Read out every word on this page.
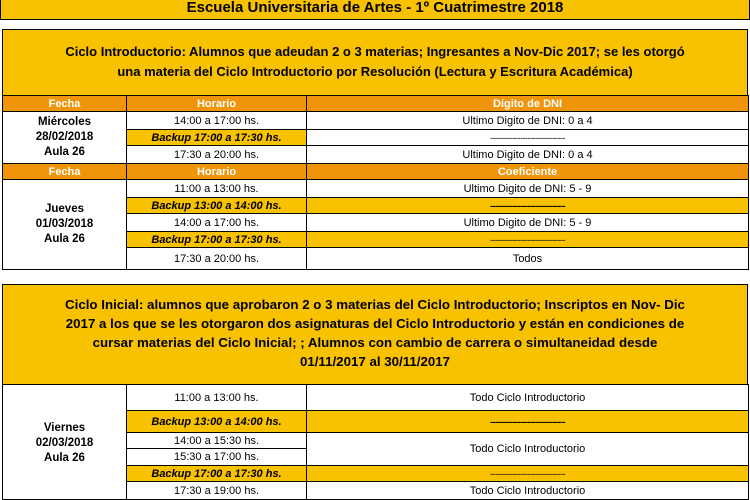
Escuela Universitaria de Artes - 1º Cuatrimestre 2018
Ciclo Introductorio: Alumnos que adeudan 2 o 3 materias; Ingresantes a Nov-Dic 2017; se les otorgó
una materia del Ciclo Introductorio por Resolución (Lectura y Escritura Académica)
Fecha	Horario	Dígito de DNI

Miércoles
28/02/2018
Aula 26	14:00 a 17:00 hs.	Ultimo Digito de DNI: 0 a 4
	Backup 17:00 a 17:30 hs.	------------------------------
	17:30 a 20:00 hs.	Ultimo Digito de DNI: 0 a 4
Fecha	Horario	Coeficiente

Jueves
01/03/2018
Aula 26	11:00 a 13:00 hs.	Ultimo Digito de DNI: 5 - 9
	Backup 13:00 a 14:00 hs.	------------------------------
	14:00 a 17:00 hs.	Ultimo Digito de DNI: 5 - 9
	Backup 17:00 a 17:30 hs.	------------------------------
	17:30 a 20:00 hs.	Todos
Ciclo Inicial: alumnos que aprobaron 2 o 3 materias del Ciclo Introductorio; Inscriptos en Nov- Dic
2017 a los que se les otorgaron dos asignaturas del Ciclo Introductorio y están en condiciones de
cursar materias del Ciclo Inicial; ; Alumnos con cambio de carrera o simultaneidad desde
01/11/2017 al 30/11/2017
Viernes
02/03/2018
Aula 26	11:00 a 13:00 hs.	Todo Ciclo Introductorio
	Backup 13:00 a 14:00 hs.	------------------------------
	14:00 a 15:30 hs.	Todo Ciclo Introductorio
	15:30 a 17:00 hs.	
	Backup 17:00 a 17:30 hs.	------------------------------
	17:30 a 19:00 hs.	Todo Ciclo Introductorio
